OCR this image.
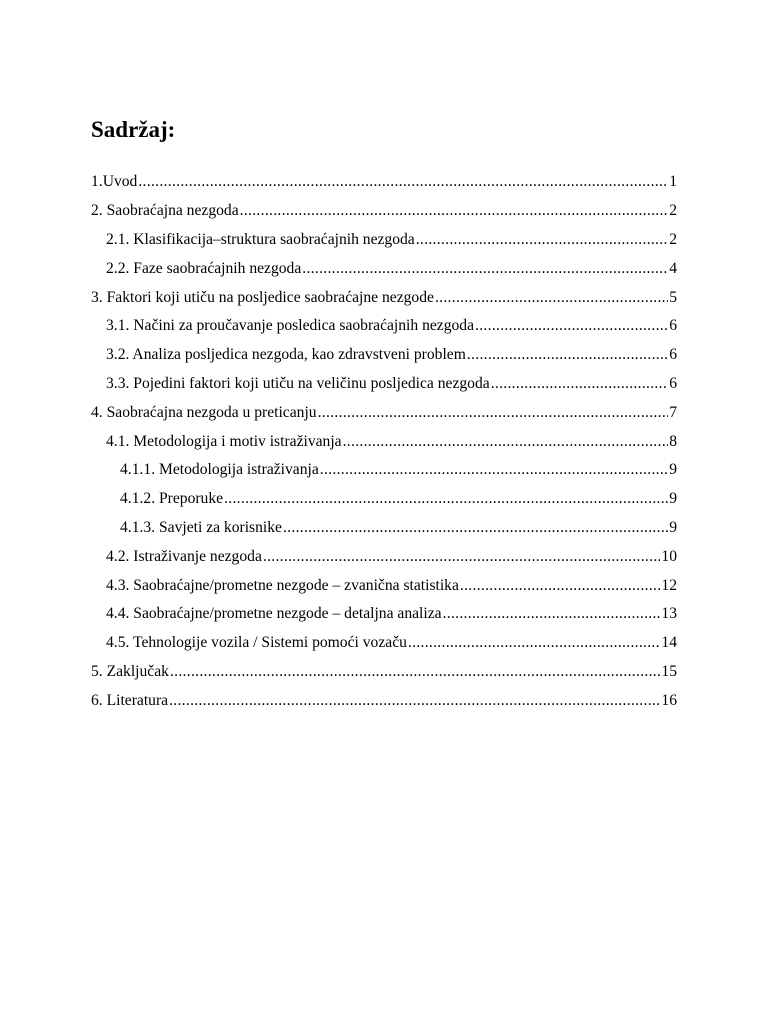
Sadržaj:
1.Uvod .....	1
2. Saobraćajna nezgoda .....	2
2.1. Klasifikacija–struktura saobraćajnih nezgoda .....	2
2.2. Faze saobraćajnih nezgoda .....	4
3. Faktori koji utiču na posljedice saobraćajne nezgode .....	5
3.1. Načini za proučavanje posledica saobraćajnih nezgoda .....	6
3.2. Analiza posljedica nezgoda, kao zdravstveni problem .....	6
3.3. Pojedini faktori koji utiču na veličinu posljedica nezgoda .....	6
4. Saobraćajna nezgoda u preticanju .....	7
4.1. Metodologija i motiv istraživanja .....	8
4.1.1. Metodologija istraživanja .....	9
4.1.2. Preporuke .....	9
4.1.3. Savjeti za korisnike .....	9
4.2. Istraživanje nezgoda .....	10
4.3. Saobraćajne/prometne nezgode – zvanična statistika .....	12
4.4. Saobraćajne/prometne nezgode – detaljna analiza .....	13
4.5. Tehnologije vozila / Sistemi pomoći vozaču .....	14
5. Zaključak .....	15
6. Literatura .....	16
